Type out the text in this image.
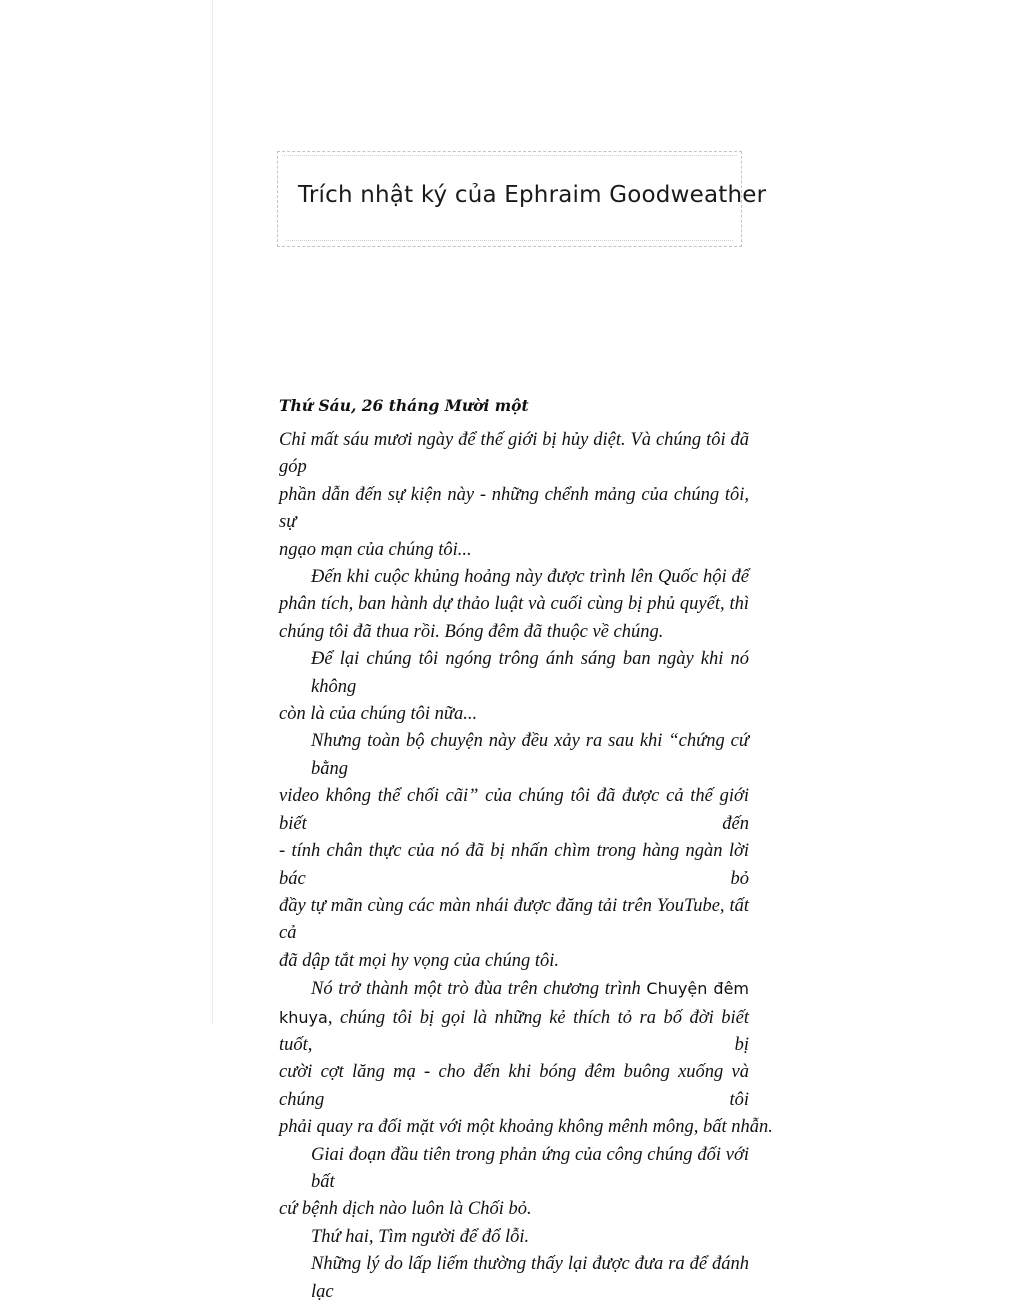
Trích nhật ký của Ephraim Goodweather

Thứ Sáu, 26 tháng Mười một

Chỉ mất sáu mươi ngày để thế giới bị hủy diệt. Và chúng tôi đã góp
phần dẫn đến sự kiện này - những chểnh mảng của chúng tôi, sự
ngạo mạn của chúng tôi...
Đến khi cuộc khủng hoảng này được trình lên Quốc hội để
phân tích, ban hành dự thảo luật và cuối cùng bị phủ quyết, thì
chúng tôi đã thua rồi. Bóng đêm đã thuộc về chúng.
Để lại chúng tôi ngóng trông ánh sáng ban ngày khi nó không
còn là của chúng tôi nữa...
Nhưng toàn bộ chuyện này đều xảy ra sau khi “chứng cứ bằng
video không thể chối cãi” của chúng tôi đã được cả thế giới biết đến
- tính chân thực của nó đã bị nhấn chìm trong hàng ngàn lời bác bỏ
đầy tự mãn cùng các màn nhái được đăng tải trên YouTube, tất cả
đã dập tắt mọi hy vọng của chúng tôi.
Nó trở thành một trò đùa trên chương trình Chuyện đêm
khuya, chúng tôi bị gọi là những kẻ thích tỏ ra bố đời biết tuốt, bị
cười cợt lăng mạ - cho đến khi bóng đêm buông xuống và chúng tôi
phải quay ra đối mặt với một khoảng không mênh mông, bất nhẫn.
Giai đoạn đầu tiên trong phản ứng của công chúng đối với bất
cứ bệnh dịch nào luôn là Chối bỏ.
Thứ hai, Tìm người để đổ lỗi.
Những lý do lấp liếm thường thấy lại được đưa ra để đánh lạc
